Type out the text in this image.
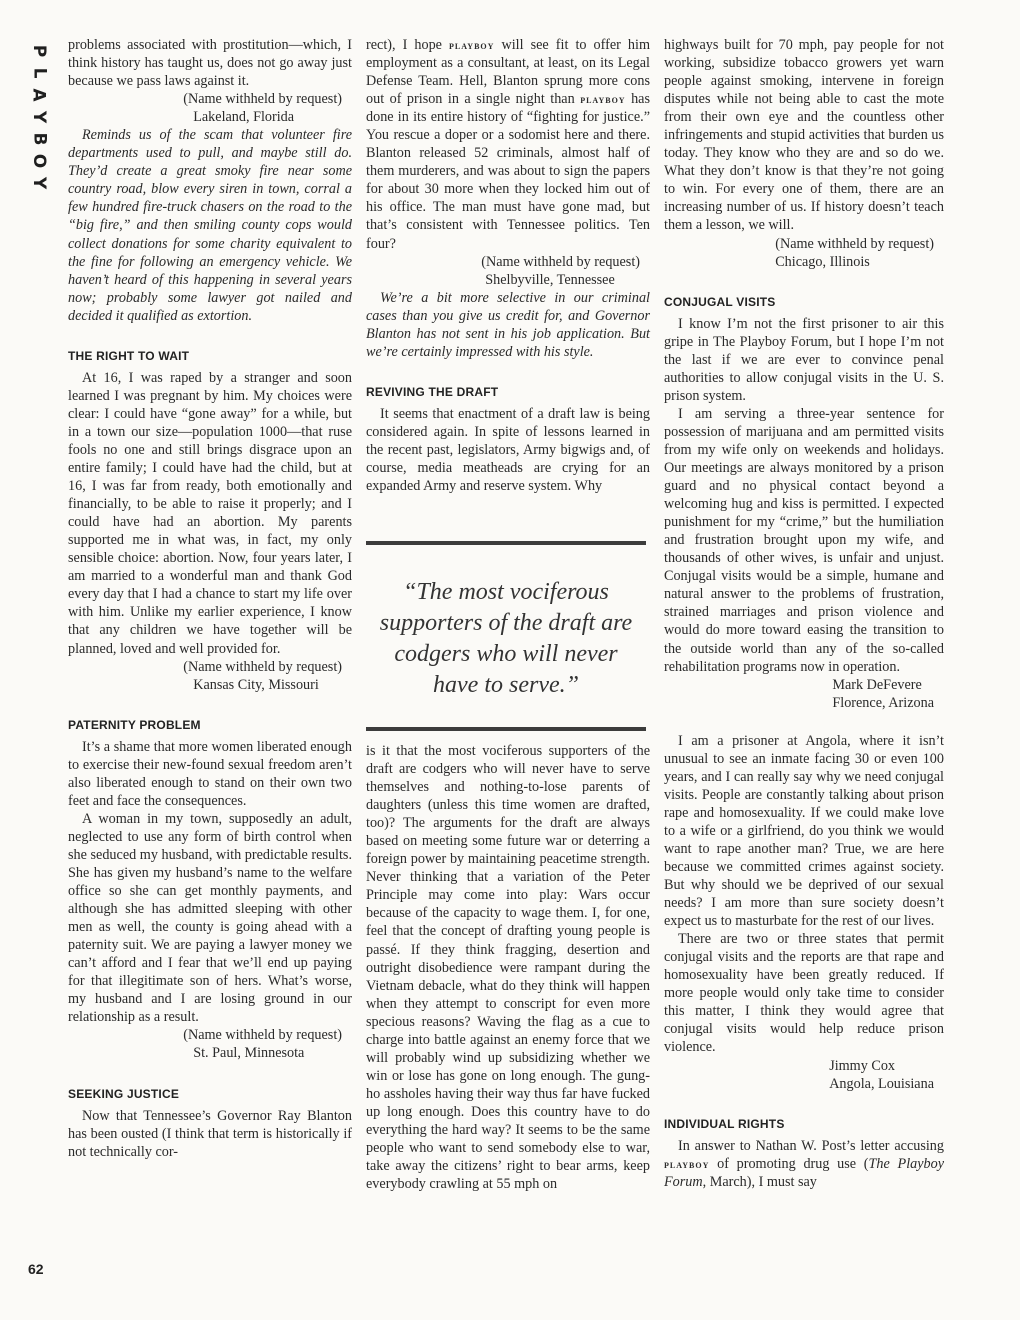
P
L
A
Y
B
O
Y
62

problems associated with prostitution—which, I think history has taught us, does not go away just because we pass laws against it.

(Name withheld by request)
Lakeland, Florida

Reminds us of the scam that volunteer fire departments used to pull, and maybe still do. They’d create a great smoky fire near some country road, blow every siren in town, corral a few hundred fire-truck chasers on the road to the “big fire,” and then smiling county cops would collect donations for some charity equivalent to the fine for following an emergency vehicle. We haven’t heard of this happening in several years now; probably some lawyer got nailed and decided it qualified as extortion.

THE RIGHT TO WAIT

At 16, I was raped by a stranger and soon learned I was pregnant by him. My choices were clear: I could have “gone away” for a while, but in a town our size—population 1000—that ruse fools no one and still brings disgrace upon an entire family; I could have had the child, but at 16, I was far from ready, both emotionally and financially, to be able to raise it properly; and I could have had an abortion. My parents supported me in what was, in fact, my only sensible choice: abortion. Now, four years later, I am married to a wonderful man and thank God every day that I had a chance to start my life over with him. Unlike my earlier experience, I know that any children we have together will be planned, loved and well provided for.

(Name withheld by request)
Kansas City, Missouri
PATERNITY PROBLEM

It’s a shame that more women liberated enough to exercise their new-found sexual freedom aren’t also liberated enough to stand on their own two feet and face the consequences.

A woman in my town, supposedly an adult, neglected to use any form of birth control when she seduced my husband, with predictable results. She has given my husband’s name to the welfare office so she can get monthly payments, and although she has admitted sleeping with other men as well, the county is going ahead with a paternity suit. We are paying a lawyer money we can’t afford and I fear that we’ll end up paying for that illegitimate son of hers. What’s worse, my husband and I are losing ground in our relationship as a result.

(Name withheld by request)
St. Paul, Minnesota
SEEKING JUSTICE

Now that Tennessee’s Governor Ray Blanton has been ousted (I think that term is historically if not technically cor-

rect), I hope playboy will see fit to offer him employment as a consultant, at least, on its Legal Defense Team. Hell, Blanton sprung more cons out of prison in a single night than playboy has done in its entire history of “fighting for justice.” You rescue a doper or a sodomist here and there. Blanton released 52 criminals, almost half of them murderers, and was about to sign the papers for about 30 more when they locked him out of his office. The man must have gone mad, but that’s consistent with Tennessee politics. Ten four?

(Name withheld by request)
Shelbyville, Tennessee

We’re a bit more selective in our criminal cases than you give us credit for, and Governor Blanton has not sent in his job application. But we’re certainly impressed with his style.

REVIVING THE DRAFT

It seems that enactment of a draft law is being considered again. In spite of lessons learned in the recent past, legislators, Army bigwigs and, of course, media meatheads are crying for an expanded Army and reserve system. Why

“The most vociferous supporters of the draft are codgers who will never have to serve.”

is it that the most vociferous supporters of the draft are codgers who will never have to serve themselves and nothing-to-lose parents of daughters (unless this time women are drafted, too)? The arguments for the draft are always based on meeting some future war or deterring a foreign power by maintaining peacetime strength. Never thinking that a variation of the Peter Principle may come into play: Wars occur because of the capacity to wage them. I, for one, feel that the concept of drafting young people is passé. If they think fragging, desertion and outright disobedience were rampant during the Vietnam debacle, what do they think will happen when they attempt to conscript for even more specious reasons? Waving the flag as a cue to charge into battle against an enemy force that we will probably wind up subsidizing whether we win or lose has gone on long enough. The gung-ho assholes having their way thus far have fucked up long enough. Does this country have to do everything the hard way? It seems to be the same people who want to send somebody else to war, take away the citizens’ right to bear arms, keep everybody crawling at 55 mph on

highways built for 70 mph, pay people for not working, subsidize tobacco growers yet warn people against smoking, intervene in foreign disputes while not being able to cast the mote from their own eye and the countless other infringements and stupid activities that burden us today. They know who they are and so do we. What they don’t know is that they’re not going to win. For every one of them, there are an increasing number of us. If history doesn’t teach them a lesson, we will.

(Name withheld by request)
Chicago, Illinois
CONJUGAL VISITS

I know I’m not the first prisoner to air this gripe in The Playboy Forum, but I hope I’m not the last if we are ever to convince penal authorities to allow conjugal visits in the U. S. prison system.

I am serving a three-year sentence for possession of marijuana and am permitted visits from my wife only on weekends and holidays. Our meetings are always monitored by a prison guard and no physical contact beyond a welcoming hug and kiss is permitted. I expected punishment for my “crime,” but the humiliation and frustration brought upon my wife, and thousands of other wives, is unfair and unjust. Conjugal visits would be a simple, humane and natural answer to the problems of frustration, strained marriages and prison violence and would do more toward easing the transition to the outside world than any of the so-called rehabilitation programs now in operation.

Mark DeFevere
Florence, Arizona

I am a prisoner at Angola, where it isn’t unusual to see an inmate facing 30 or even 100 years, and I can really say why we need conjugal visits. People are constantly talking about prison rape and homosexuality. If we could make love to a wife or a girlfriend, do you think we would want to rape another man? True, we are here because we committed crimes against society. But why should we be deprived of our sexual needs? I am more than sure society doesn’t expect us to masturbate for the rest of our lives.

There are two or three states that permit conjugal visits and the reports are that rape and homosexuality have been greatly reduced. If more people would only take time to consider this matter, I think they would agree that conjugal visits would help reduce prison violence.

Jimmy Cox
Angola, Louisiana
INDIVIDUAL RIGHTS

In answer to Nathan W. Post’s letter accusing playboy of promoting drug use (The Playboy Forum, March), I must say
